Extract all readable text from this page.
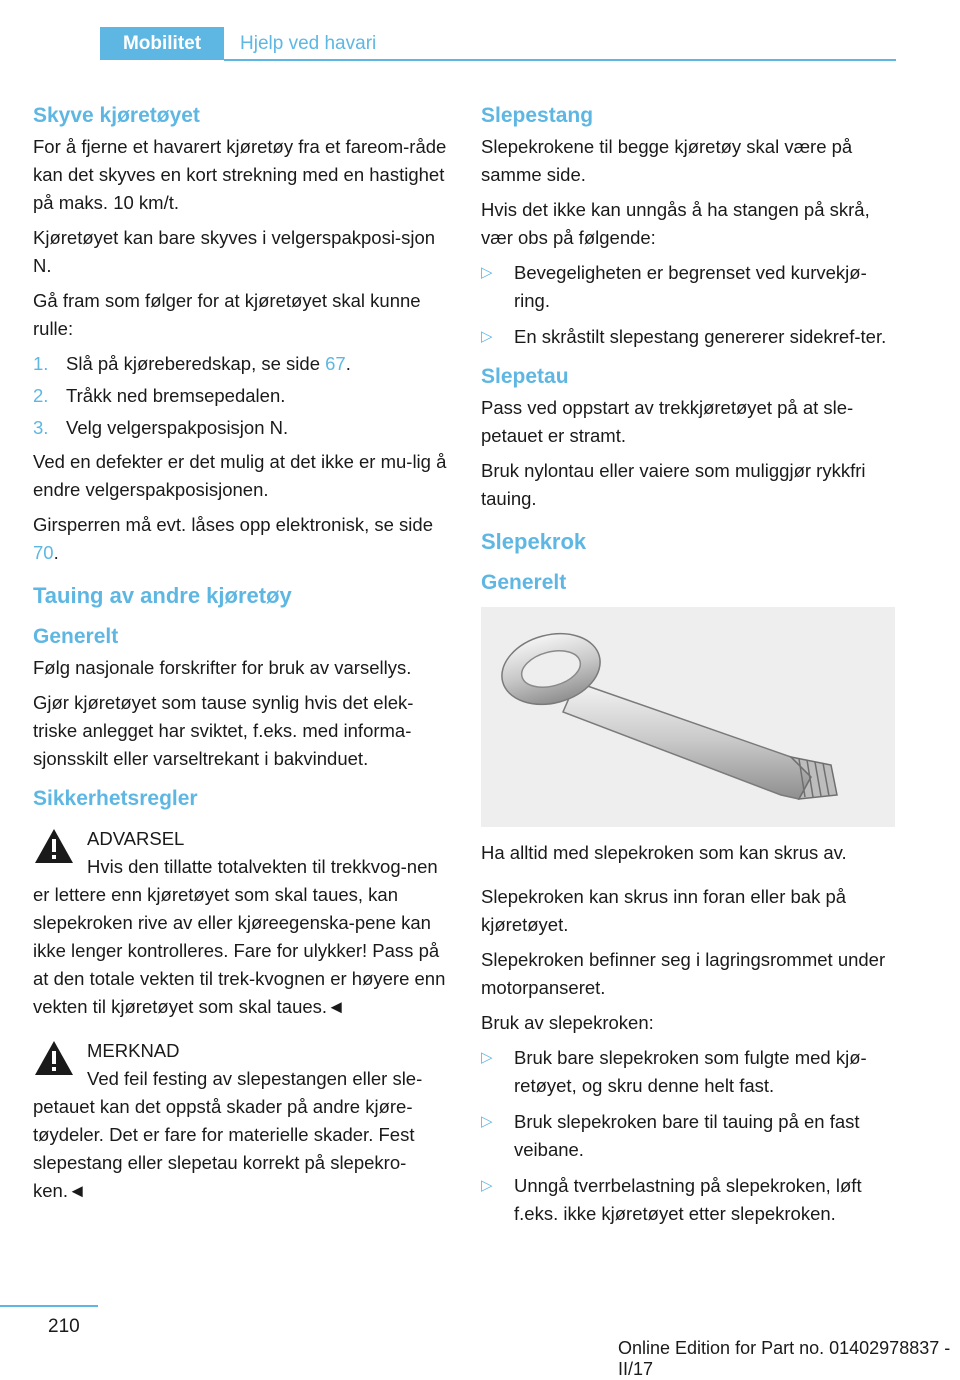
Mobilitet	Hjelp ved havari
Skyve kjøretøyet

For å fjerne et havarert kjøretøy fra et fareom-råde kan det skyves en kort strekning med en hastighet på maks. 10 km/t.

Kjøretøyet kan bare skyves i velgerspakposi-sjon N.

Gå fram som følger for at kjøretøyet skal kunne rulle:

1. Slå på kjøreberedskap, se side 67.
2. Tråkk ned bremsepedalen.
3. Velg velgerspakposisjon N.

Ved en defekter er det mulig at det ikke er mu-lig å endre velgerspakposisjonen.

Girsperren må evt. låses opp elektronisk, se side 70.

Tauing av andre kjøretøy
Generelt

Følg nasjonale forskrifter for bruk av varsellys.

Gjør kjøretøyet som tause synlig hvis det elek-triske anlegget har sviktet, f.eks. med informa-sjonsskilt eller varseltrekant i bakvinduet.

Sikkerhetsregler
ADVARSEL
Hvis den tillatte totalvekten til trekkvog-nen er lettere enn kjøretøyet som skal taues, kan slepekroken rive av eller kjøreegenska-pene kan ikke lenger kontrolleres. Fare for ulykker! Pass på at den totale vekten til trek-kvognen er høyere enn vekten til kjøretøyet som skal taues.◄
MERKNAD
Ved feil festing av slepestangen eller sle-petauet kan det oppstå skader på andre kjøre-tøydeler. Det er fare for materielle skader. Fest slepestang eller slepetau korrekt på slepekro-ken.◄
Slepestang

Slepekrokene til begge kjøretøy skal være på samme side.

Hvis det ikke kan unngås å ha stangen på skrå, vær obs på følgende:

▷ Bevegeligheten er begrenset ved kurvekjø-ring.
▷ En skråstilt slepestang genererer sidekref-ter.
Slepetau

Pass ved oppstart av trekkjøretøyet på at sle-petauet er stramt.

Bruk nylontau eller vaiere som muliggjør rykkfri tauing.

Slepekrok
Generelt

Ha alltid med slepekroken som kan skrus av.

Slepekroken kan skrus inn foran eller bak på kjøretøyet.

Slepekroken befinner seg i lagringsrommet under motorpanseret.

Bruk av slepekroken:

▷ Bruk bare slepekroken som fulgte med kjø-retøyet, og skru denne helt fast.
▷ Bruk slepekroken bare til tauing på en fast veibane.
▷ Unngå tverrbelastning på slepekroken, løft f.eks. ikke kjøretøyet etter slepekroken.
210
Online Edition for Part no. 01402978837 - II/17
